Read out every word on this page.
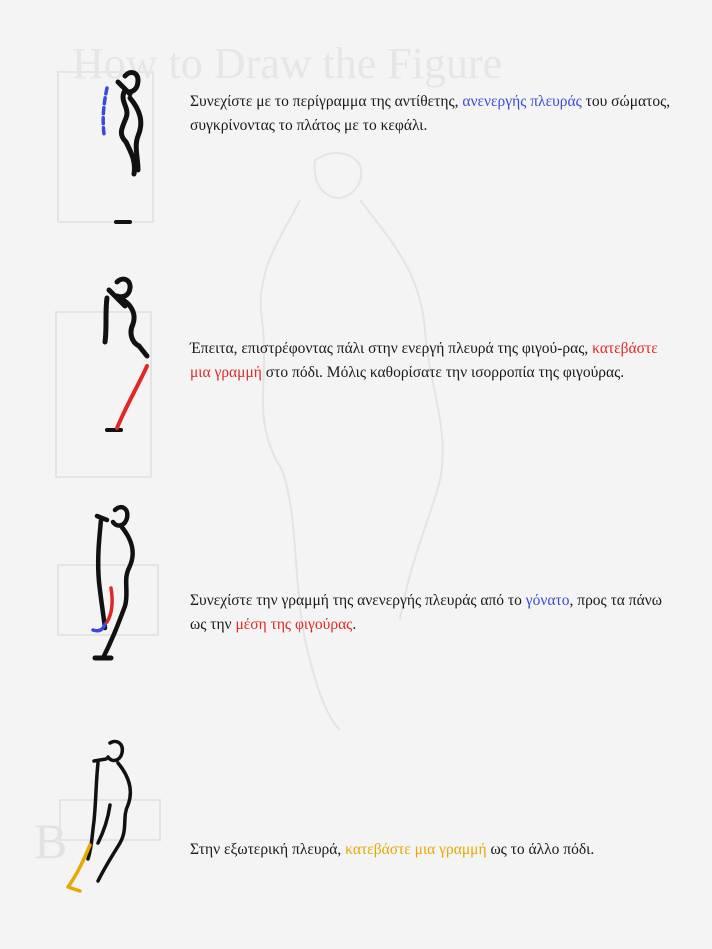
How to Draw the Figure
B
Συνεχίστε με το περίγραμμα της αντίθετης, ανενεργής πλευράς του σώματος, συγκρίνοντας το πλάτος με το κεφάλι.
Έπειτα, επιστρέφοντας πάλι στην ενεργή πλευρά της φιγού-ρας, κατεβάστε μια γραμμή στο πόδι. Μόλις καθορίσατε την ισορροπία της φιγούρας.
Συνεχίστε την γραμμή της ανενεργής πλευράς από το γόνατο, προς τα πάνω ως την μέση της φιγούρας.
Στην εξωτερική πλευρά, κατεβάστε μια γραμμή ως το άλλο πόδι.
